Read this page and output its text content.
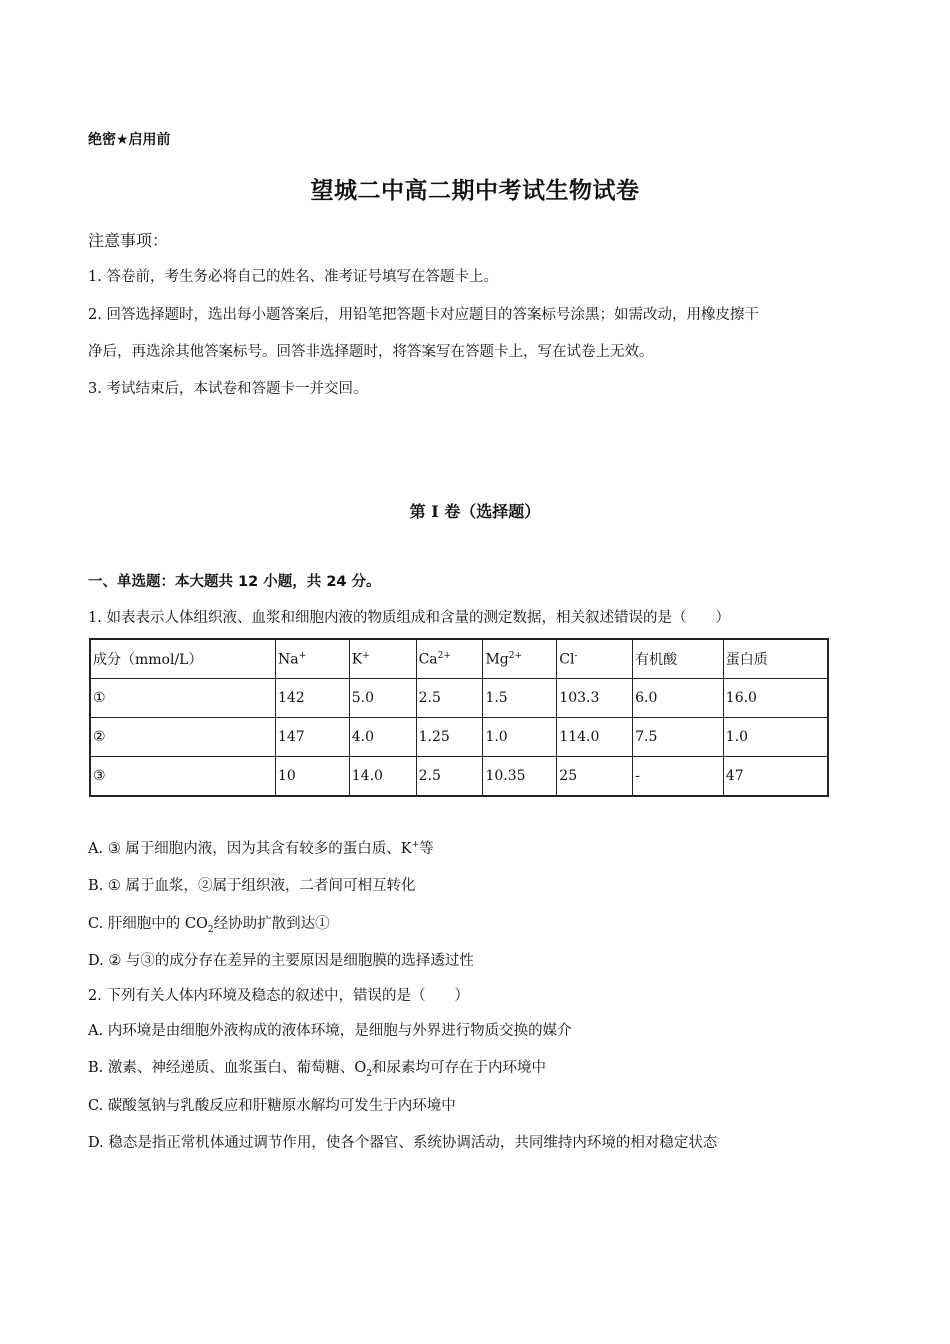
绝密★启用前
望城二中高二期中考试生物试卷
注意事项：
1. 答卷前，考生务必将自己的姓名、准考证号填写在答题卡上。
2. 回答选择题时，选出每小题答案后，用铅笔把答题卡对应题目的答案标号涂黑；如需改动，用橡皮擦干
净后，再选涂其他答案标号。回答非选择题时，将答案写在答题卡上，写在试卷上无效。
3. 考试结束后，本试卷和答题卡一并交回。
第 I 卷（选择题）
一、单选题：本大题共 12 小题，共 24 分。
1. 如表表示人体组织液、血浆和细胞内液的物质组成和含量的测定数据，相关叙述错误的是（　　）
成分（mmol/L）	Na+	K+	$Ca^{2+}$	$Mg^{2+}$	Cl-	有机酸	蛋白质
①	142	5.0	2.5	1.5	103.3	6.0	16.0
②	147	4.0	1.25	1.0	114.0	7.5	1.0
③	10	14.0	2.5	10.35	25	-	47
A. ③ 属于细胞内液，因为其含有较多的蛋白质、K+等
B. ① 属于血浆，②属于组织液，二者间可相互转化
C. 肝细胞中的 $CO_2$经协助扩散到达①
D. ② 与③的成分存在差异的主要原因是细胞膜的选择透过性
2. 下列有关人体内环境及稳态的叙述中，错误的是（　　）
A. 内环境是由细胞外液构成的液体环境，是细胞与外界进行物质交换的媒介
B. 激素、神经递质、血浆蛋白、葡萄糖、$O_2$和尿素均可存在于内环境中
C. 碳酸氢钠与乳酸反应和肝糖原水解均可发生于内环境中
D. 稳态是指正常机体通过调节作用，使各个器官、系统协调活动，共同维持内环境的相对稳定状态
